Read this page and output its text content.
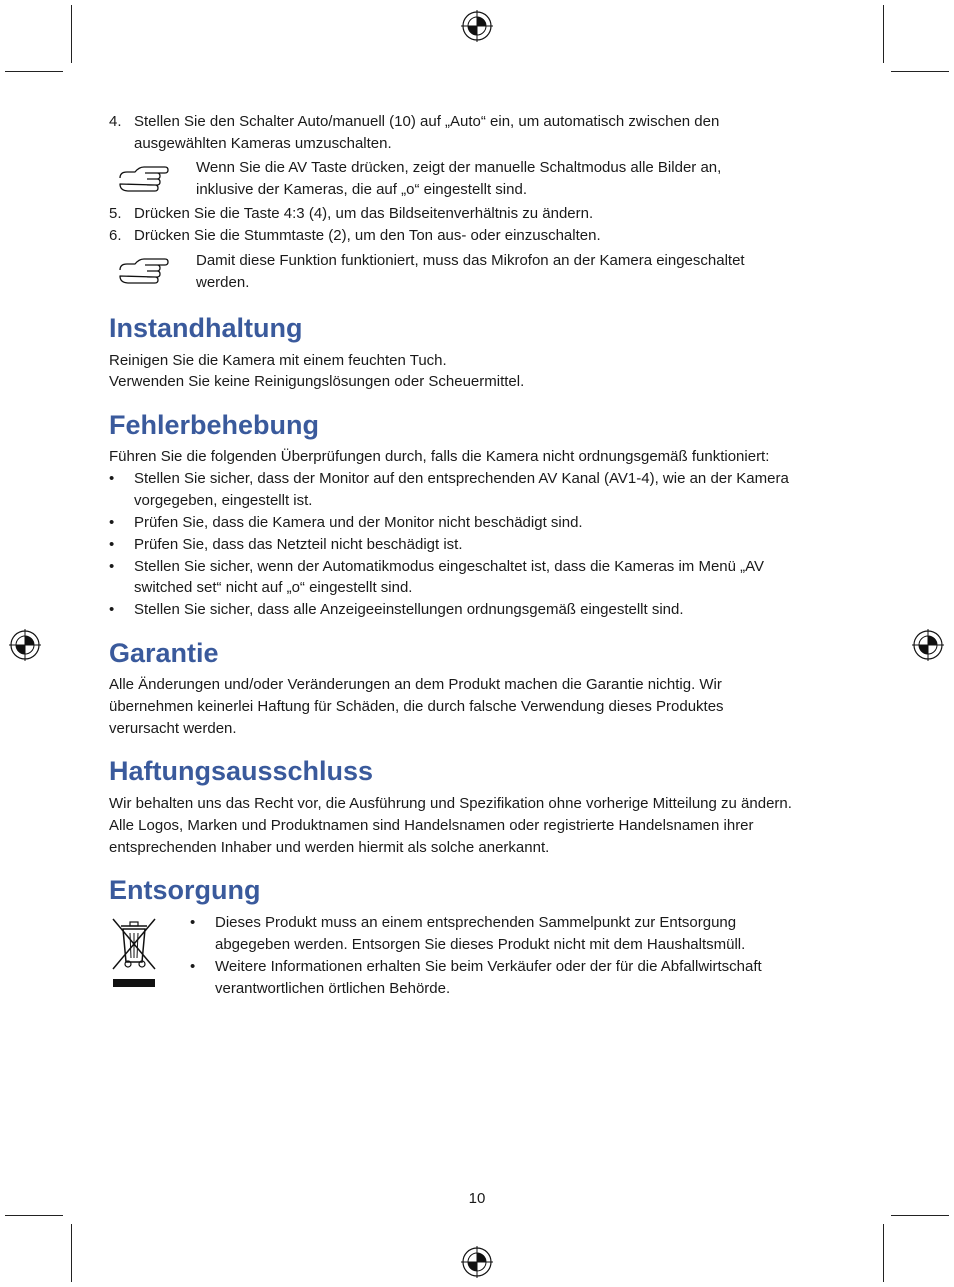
4. Stellen Sie den Schalter Auto/manuell (10) auf „Auto“ ein, um automatisch zwischen den
ausgewählten Kameras umzuschalten.
Wenn Sie die AV Taste drücken, zeigt der manuelle Schaltmodus alle Bilder an,
inklusive der Kameras, die auf „o“ eingestellt sind.
5. Drücken Sie die Taste 4:3 (4), um das Bildseitenverhältnis zu ändern.
6. Drücken Sie die Stummtaste (2), um den Ton aus- oder einzuschalten.
Damit diese Funktion funktioniert, muss das Mikrofon an der Kamera eingeschaltet
werden.
Instandhaltung
Reinigen Sie die Kamera mit einem feuchten Tuch.
Verwenden Sie keine Reinigungslösungen oder Scheuermittel.
Fehlerbehebung
Führen Sie die folgenden Überprüfungen durch, falls die Kamera nicht ordnungsgemäß funktioniert:
• Stellen Sie sicher, dass der Monitor auf den entsprechenden AV Kanal (AV1-4), wie an der Kamera
vorgegeben, eingestellt ist.
• Prüfen Sie, dass die Kamera und der Monitor nicht beschädigt sind.
• Prüfen Sie, dass das Netzteil nicht beschädigt ist.
• Stellen Sie sicher, wenn der Automatikmodus eingeschaltet ist, dass die Kameras im Menü „AV
switched set“ nicht auf „o“ eingestellt sind.
• Stellen Sie sicher, dass alle Anzeigeeinstellungen ordnungsgemäß eingestellt sind.
Garantie
Alle Änderungen und/oder Veränderungen an dem Produkt machen die Garantie nichtig. Wir
übernehmen keinerlei Haftung für Schäden, die durch falsche Verwendung dieses Produktes
verursacht werden.
Haftungsausschluss
Wir behalten uns das Recht vor, die Ausführung und Spezifikation ohne vorherige Mitteilung zu ändern.
Alle Logos, Marken und Produktnamen sind Handelsnamen oder registrierte Handelsnamen ihrer
entsprechenden Inhaber und werden hiermit als solche anerkannt.
Entsorgung
• Dieses Produkt muss an einem entsprechenden Sammelpunkt zur Entsorgung
abgegeben werden. Entsorgen Sie dieses Produkt nicht mit dem Haushaltsmüll.
• Weitere Informationen erhalten Sie beim Verkäufer oder der für die Abfallwirtschaft
verantwortlichen örtlichen Behörde.
10
